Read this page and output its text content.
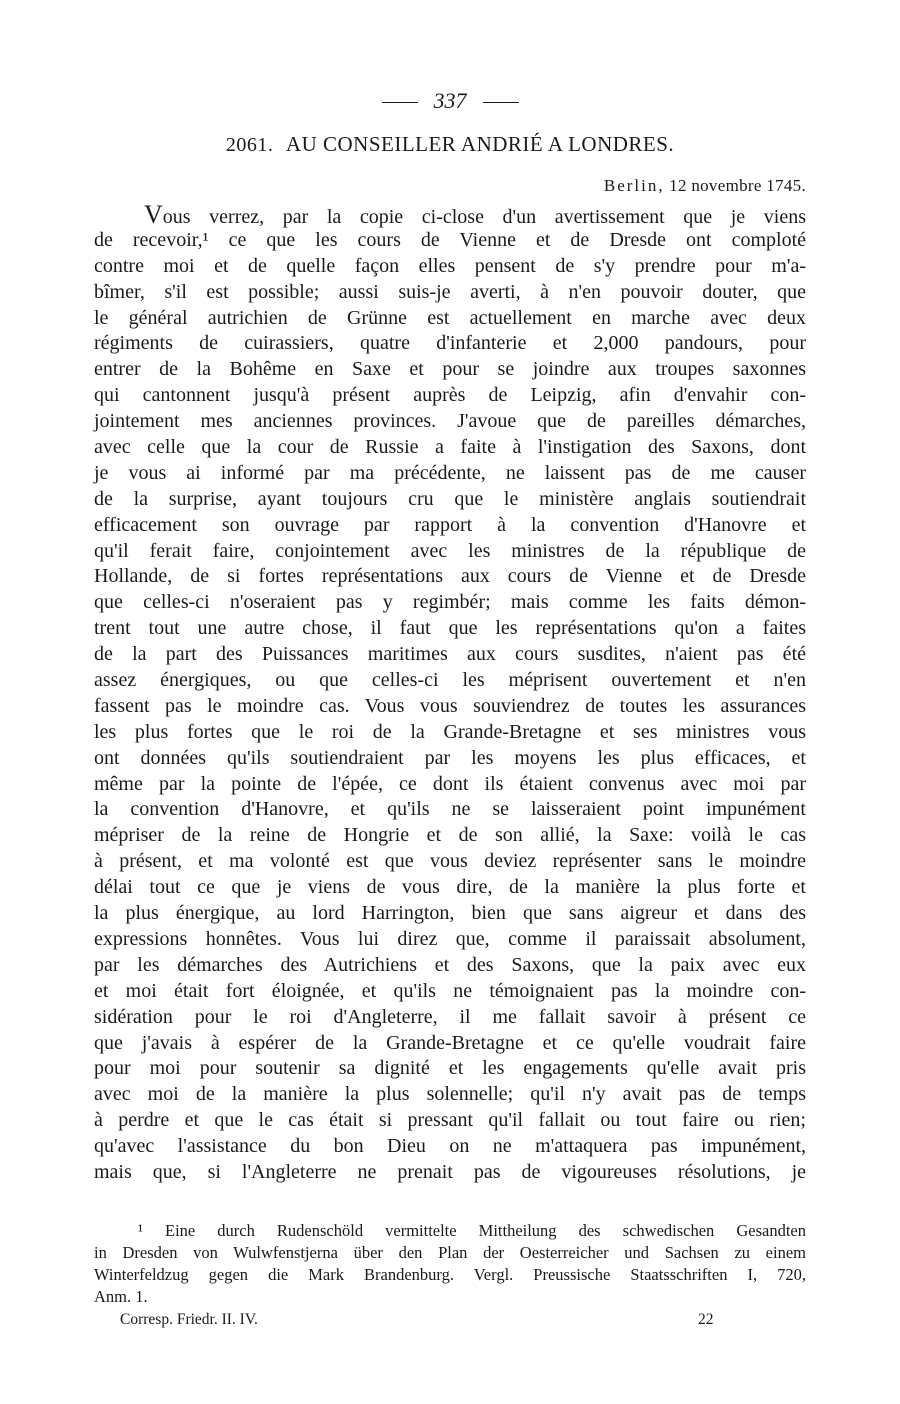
337
2061. AU CONSEILLER ANDRIÉ A LONDRES.
Berlin, 12 novembre 1745.
Vous verrez, par la copie ci-close d'un avertissement que je viens
de recevoir,¹ ce que les cours de Vienne et de Dresde ont comploté
contre moi et de quelle façon elles pensent de s'y prendre pour m'a-
bîmer, s'il est possible; aussi suis-je averti, à n'en pouvoir douter, que
le général autrichien de Grünne est actuellement en marche avec deux
régiments de cuirassiers, quatre d'infanterie et 2,000 pandours, pour
entrer de la Bohême en Saxe et pour se joindre aux troupes saxonnes
qui cantonnent jusqu'à présent auprès de Leipzig, afin d'envahir con-
jointement mes anciennes provinces. J'avoue que de pareilles démarches,
avec celle que la cour de Russie a faite à l'instigation des Saxons, dont
je vous ai informé par ma précédente, ne laissent pas de me causer
de la surprise, ayant toujours cru que le ministère anglais soutiendrait
efficacement son ouvrage par rapport à la convention d'Hanovre et
qu'il ferait faire, conjointement avec les ministres de la république de
Hollande, de si fortes représentations aux cours de Vienne et de Dresde
que celles-ci n'oseraient pas y regimbér; mais comme les faits démon-
trent tout une autre chose, il faut que les représentations qu'on a faites
de la part des Puissances maritimes aux cours susdites, n'aient pas été
assez énergiques, ou que celles-ci les méprisent ouvertement et n'en
fassent pas le moindre cas. Vous vous souviendrez de toutes les assurances
les plus fortes que le roi de la Grande-Bretagne et ses ministres vous
ont données qu'ils soutiendraient par les moyens les plus efficaces, et
même par la pointe de l'épée, ce dont ils étaient convenus avec moi par
la convention d'Hanovre, et qu'ils ne se laisseraient point impunément
mépriser de la reine de Hongrie et de son allié, la Saxe: voilà le cas
à présent, et ma volonté est que vous deviez représenter sans le moindre
délai tout ce que je viens de vous dire, de la manière la plus forte et
la plus énergique, au lord Harrington, bien que sans aigreur et dans des
expressions honnêtes. Vous lui direz que, comme il paraissait absolument,
par les démarches des Autrichiens et des Saxons, que la paix avec eux
et moi était fort éloignée, et qu'ils ne témoignaient pas la moindre con-
sidération pour le roi d'Angleterre, il me fallait savoir à présent ce
que j'avais à espérer de la Grande-Bretagne et ce qu'elle voudrait faire
pour moi pour soutenir sa dignité et les engagements qu'elle avait pris
avec moi de la manière la plus solennelle; qu'il n'y avait pas de temps
à perdre et que le cas était si pressant qu'il fallait ou tout faire ou rien;
qu'avec l'assistance du bon Dieu on ne m'attaquera pas impunément,
mais que, si l'Angleterre ne prenait pas de vigoureuses résolutions, je
¹ Eine durch Rudenschöld vermittelte Mittheilung des schwedischen Gesandten
in Dresden von Wulwfenstjerna über den Plan der Oesterreicher und Sachsen zu einem
Winterfeldzug gegen die Mark Brandenburg. Vergl. Preussische Staatsschriften I, 720,
Anm. 1.
Corresp. Friedr. II. IV.	22
